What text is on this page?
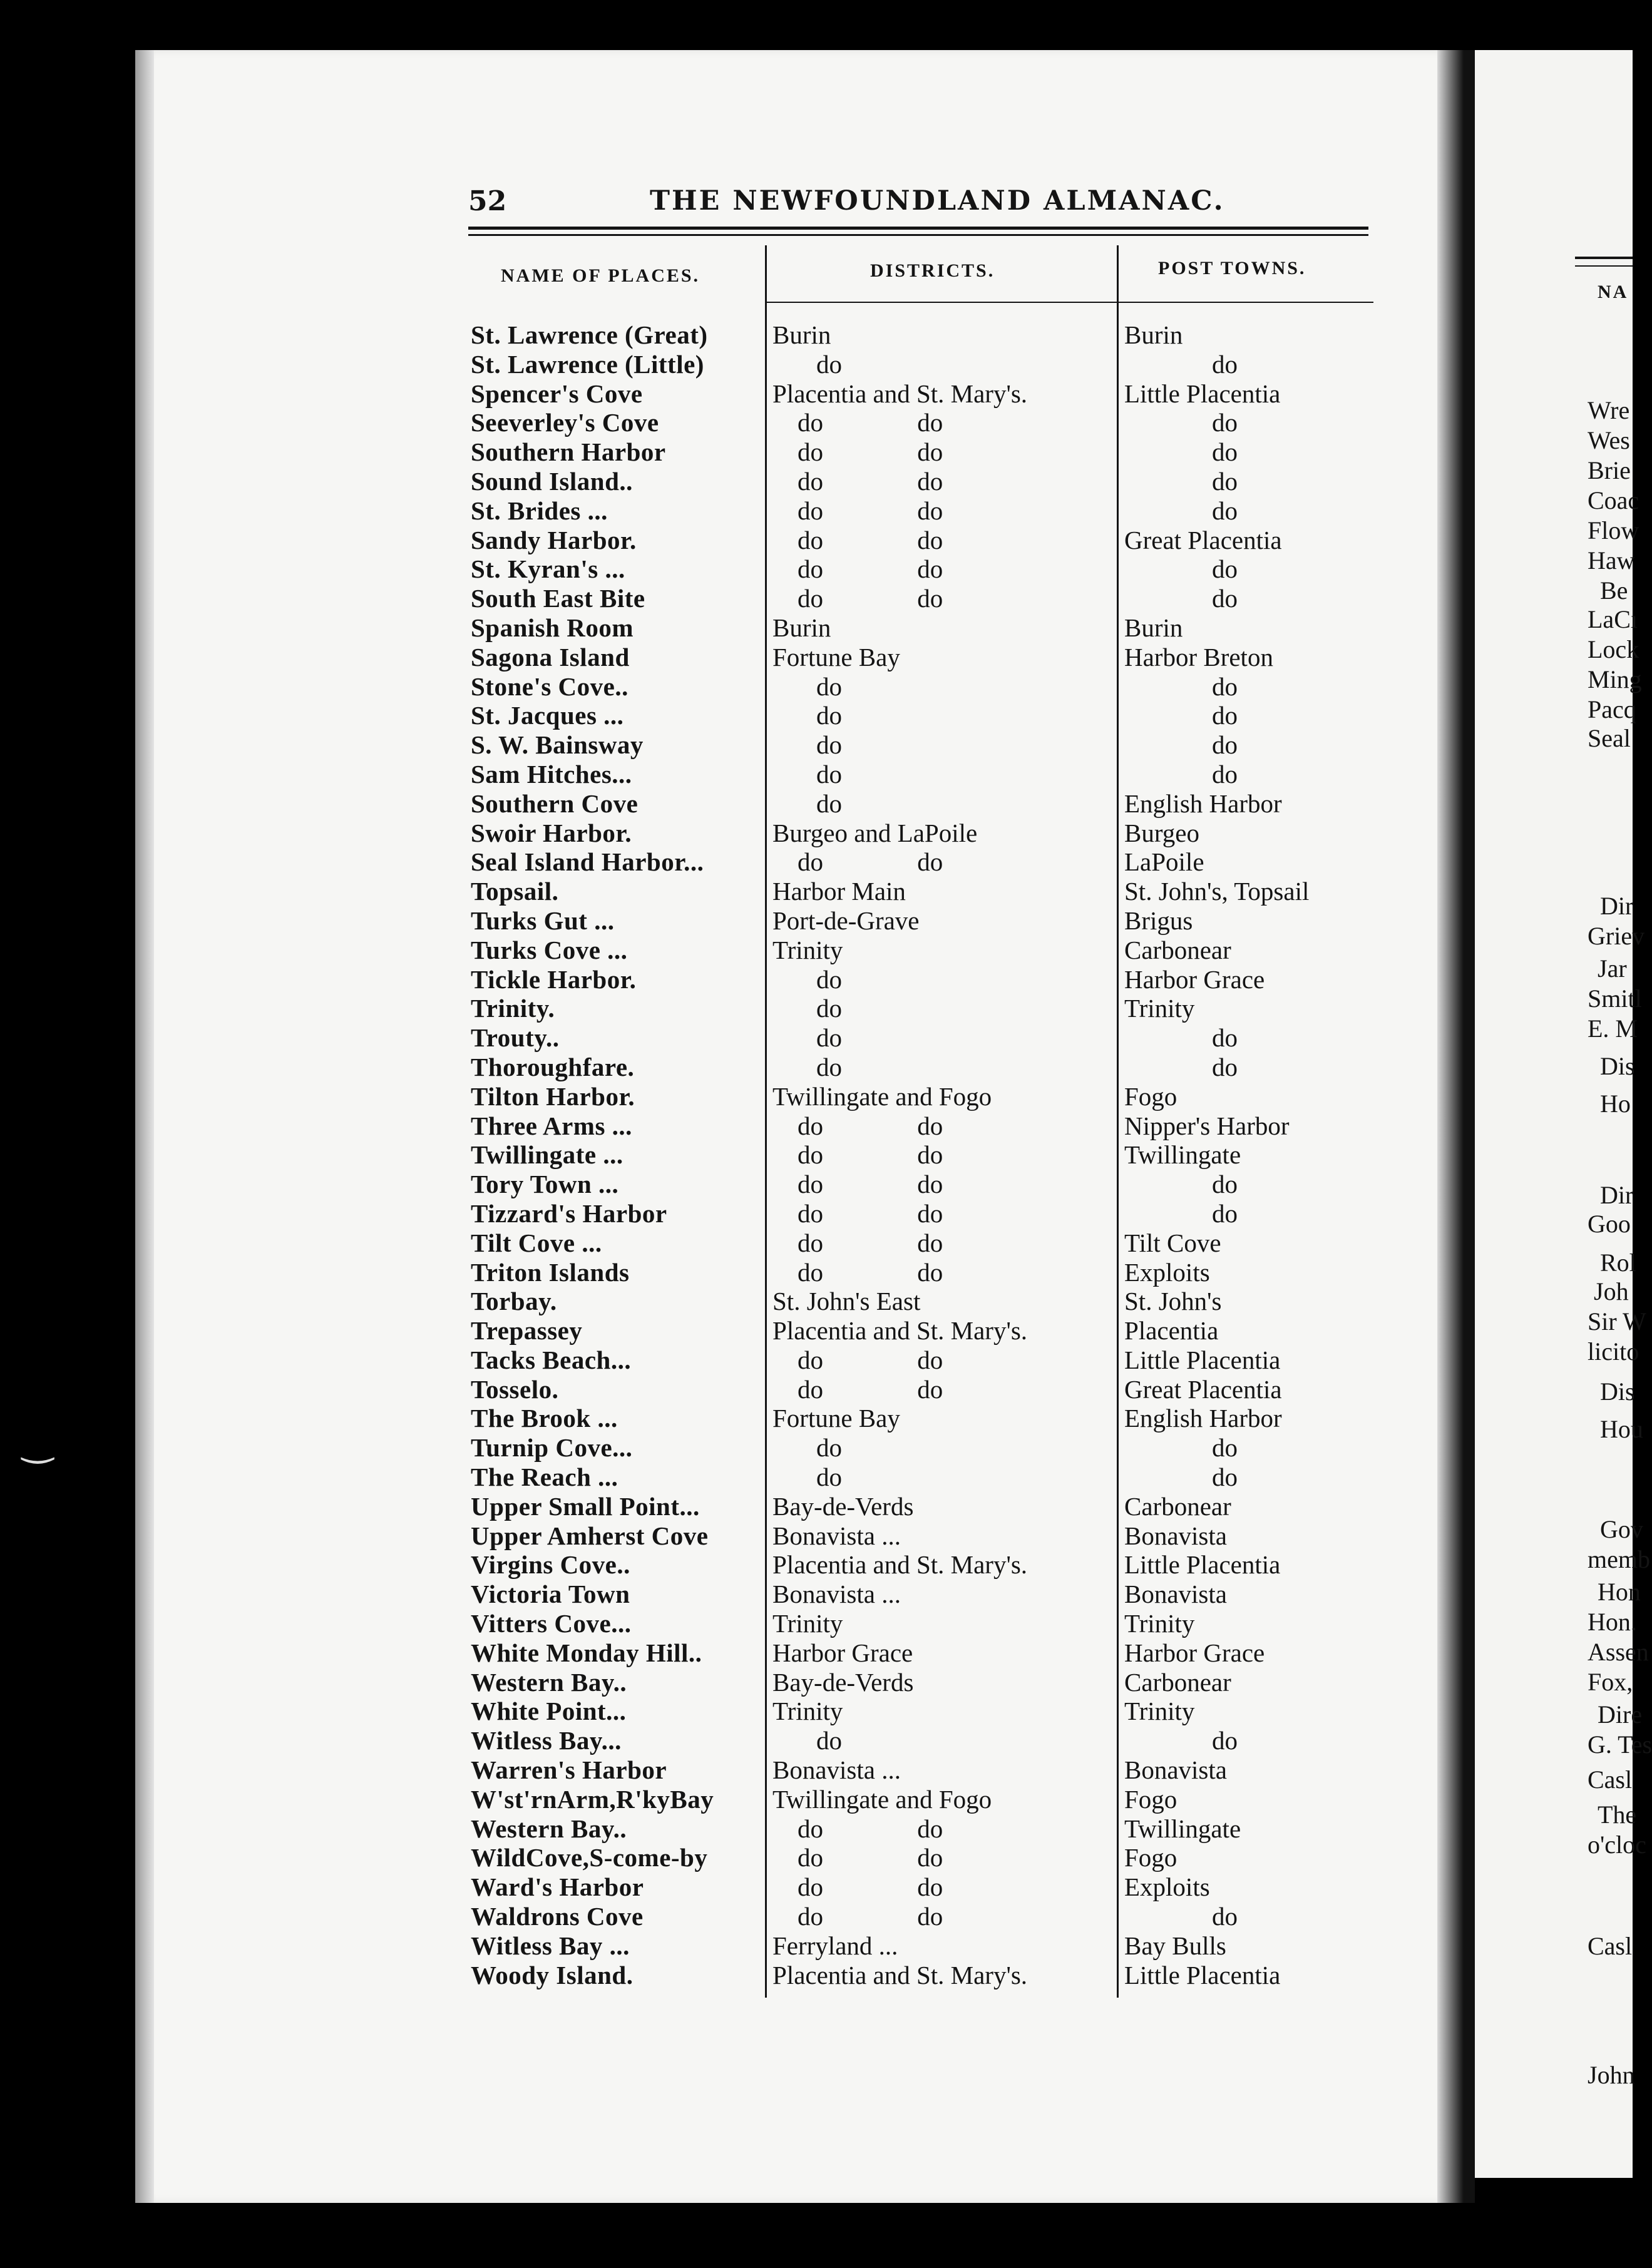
‿
52	THE NEWFOUNDLAND ALMANAC.
NAME OF PLACES.	DISTRICTS.	POST TOWNS.
St. Lawrence (Great)	Burin	Burin
St. Lawrence (Little)	do	do
Spencer's Cove	Placentia and St. Mary's.	Little Placentia
Seeverley's Cove	do do	do
Southern Harbor	do do	do
Sound Island..	do do	do
St. Brides ...	do do	do
Sandy Harbor.	do do	Great Placentia
St. Kyran's ...	do do	do
South East Bite	do do	do
Spanish Room	Burin	Burin
Sagona Island	Fortune Bay	Harbor Breton
Stone's Cove..	do	do
St. Jacques ...	do	do
S. W. Bainsway	do	do
Sam Hitches...	do	do
Southern Cove	do	English Harbor
Swoir Harbor.	Burgeo and LaPoile	Burgeo
Seal Island Harbor...	do do	LaPoile
Topsail.	Harbor Main	St. John's, Topsail
Turks Gut ...	Port-de-Grave	Brigus
Turks Cove ...	Trinity	Carbonear
Tickle Harbor.	do	Harbor Grace
Trinity.	do	Trinity
Trouty..	do	do
Thoroughfare.	do	do
Tilton Harbor.	Twillingate and Fogo	Fogo
Three Arms ...	do do	Nipper's Harbor
Twillingate ...	do do	Twillingate
Tory Town ...	do do	do
Tizzard's Harbor	do do	do
Tilt Cove ...	do do	Tilt Cove
Triton Islands	do do	Exploits
Torbay.	St. John's East	St. John's
Trepassey	Placentia and St. Mary's.	Placentia
Tacks Beach...	do do	Little Placentia
Tosselo.	do do	Great Placentia
The Brook ...	Fortune Bay	English Harbor
Turnip Cove...	do	do
The Reach ...	do	do
Upper Small Point...	Bay-de-Verds	Carbonear
Upper Amherst Cove	Bonavista ...	Bonavista
Virgins Cove..	Placentia and St. Mary's.	Little Placentia
Victoria Town	Bonavista ...	Bonavista
Vitters Cove...	Trinity	Trinity
White Monday Hill..	Harbor Grace	Harbor Grace
Western Bay..	Bay-de-Verds	Carbonear
White Point...	Trinity	Trinity
Witless Bay...	do	do
Warren's Harbor	Bonavista ...	Bonavista
W'st'rnArm,R'kyBay	Twillingate and Fogo	Fogo
Western Bay..	do do	Twillingate
WildCove,S-come-by	do do	Fogo
Ward's Harbor	do do	Exploits
Waldrons Cove	do do	do
Witless Bay ...	Ferryland ...	Bay Bulls
Woody Island.	Placentia and St. Mary's.	Little Placentia
NA
Wre
Wes
Brie
Coac
Flow
Haw
Be
LaCı
Lock
Ming
Pacq
Seal
Dir
Griev
Jar
Smitl
E. M
Dis
Ho
Dir
Goo
Rol
Joh
Sir W
licito
Dis
Hou
Gov
memb
Hon
Hon.
Assen
Fox,
Dire
G. Tes
Casl
The
o'cloc
Casl
John
